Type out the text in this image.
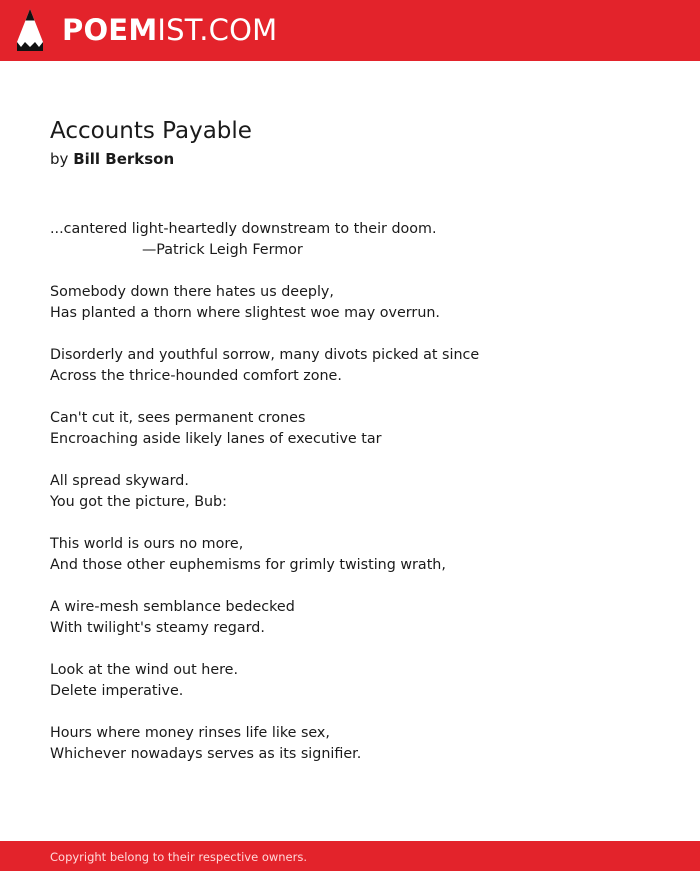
POEMIST.COM
Accounts Payable
by Bill Berkson
...cantered light-heartedly downstream to their doom.
—Patrick Leigh Fermor
Somebody down there hates us deeply,
Has planted a thorn where slightest woe may overrun.
Disorderly and youthful sorrow, many divots picked at since
Across the thrice-hounded comfort zone.
Can't cut it, sees permanent crones
Encroaching aside likely lanes of executive tar
All spread skyward.
You got the picture, Bub:
This world is ours no more,
And those other euphemisms for grimly twisting wrath,
A wire-mesh semblance bedecked
With twilight's steamy regard.
Look at the wind out here.
Delete imperative.
Hours where money rinses life like sex,
Whichever nowadays serves as its signifier.
Copyright belong to their respective owners.
